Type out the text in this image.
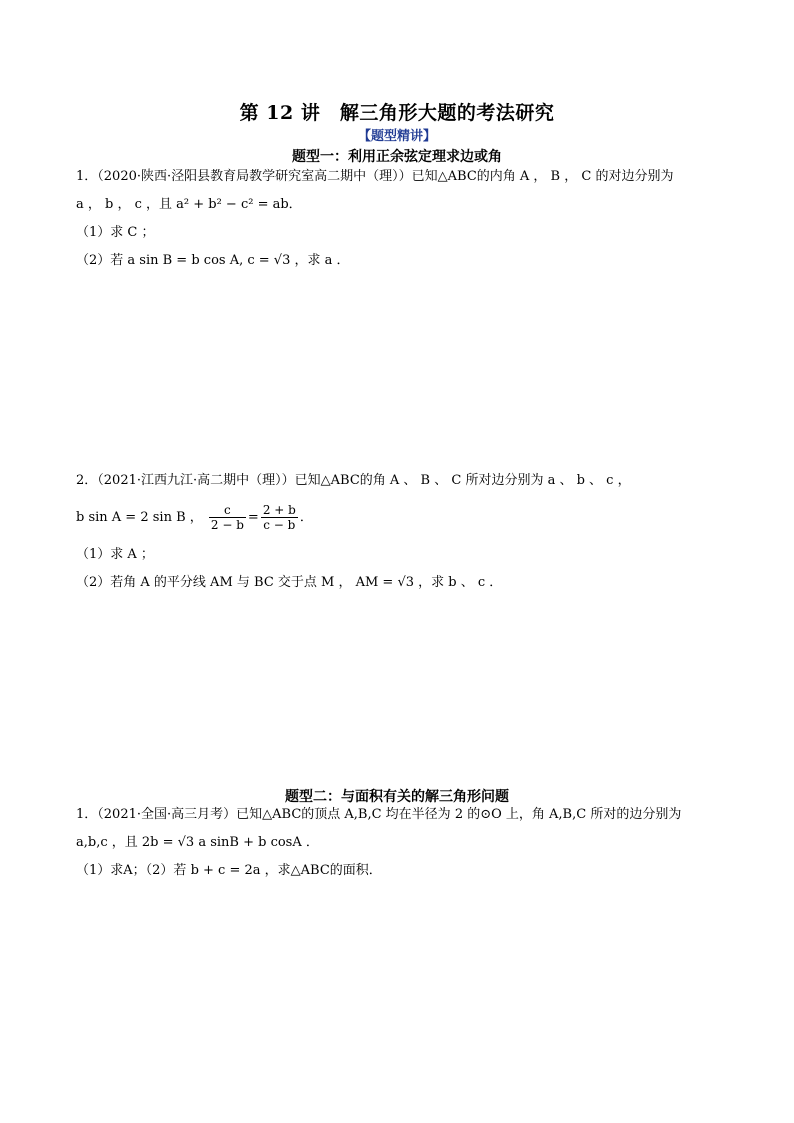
第 12 讲　解三角形大题的考法研究
【题型精讲】
题型一：利用正余弦定理求边或角
1．（2020·陕西·泾阳县教育局教学研究室高二期中（理））已知△ABC的内角 A ， B ， C 的对边分别为
a ， b ， c ，且 a² + b² − c² = ab．
（1）求 C ；
（2）若 a sin B = b cos A, c = √3 ，求 a ．
2．（2021·江西九江·高二期中（理））已知△ABC的角 A 、 B 、 C 所对边分别为 a 、 b 、 c ，
b sin A = 2 sin B ， $\frac{c}{2 - b} = \frac{2 + b}{c - b}$ ．
（1）求 A ；
（2）若角 A 的平分线 AM 与 BC 交于点 M ， AM = √3 ，求 b 、 c ．
题型二：与面积有关的解三角形问题
1．（2021·全国·高三月考）已知△ABC的顶点 A,B,C 均在半径为 2 的⊙O 上，角 A,B,C 所对的边分别为
a,b,c ，且 2b = √3 a sinB + b cosA ．
（1）求A；（2）若 b + c = 2a ，求△ABC的面积．
